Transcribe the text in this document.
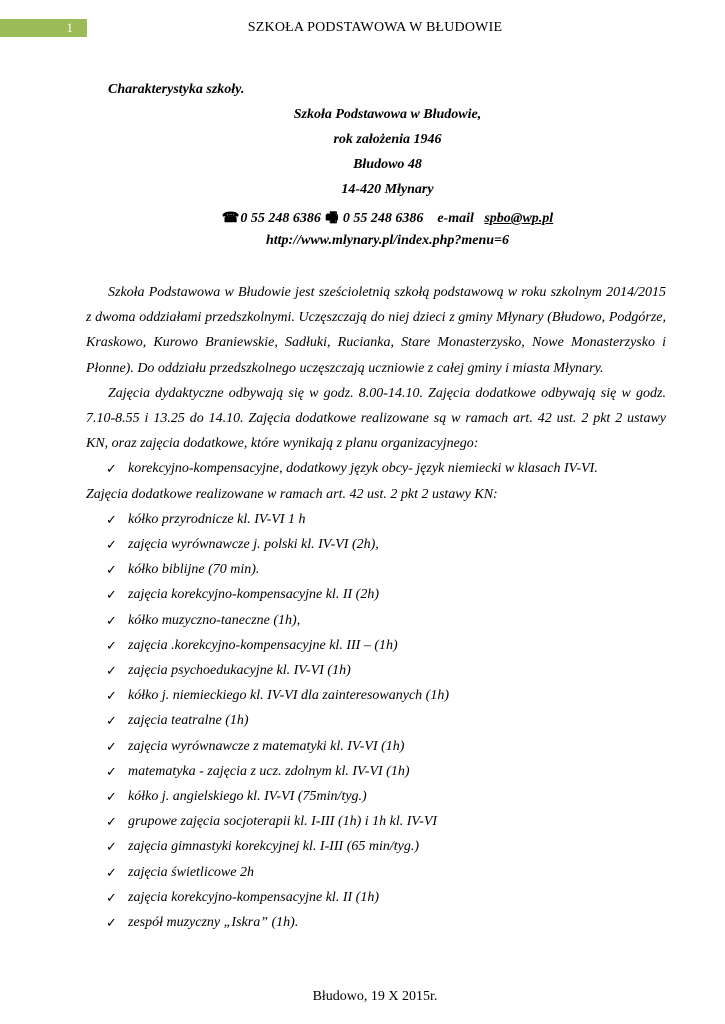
1	SZKOŁA PODSTAWOWA W BŁUDOWIE
Charakterystyka szkoły.
Szkoła Podstawowa w Błudowie,
rok założenia 1946
Błudowo 48
14-420 Młynary
☎ 0 55 248 6386 🖷 0 55 248 6386 e-mail spbo@wp.pl
http://www.mlynary.pl/index.php?menu=6

Szkoła Podstawowa w Błudowie jest sześcioletnią szkołą podstawową w roku szkolnym 2014/2015 z dwoma oddziałami przedszkolnymi. Uczęszczają do niej dzieci z gminy Młynary (Błudowo, Podgórze, Kraskowo, Kurowo Braniewskie, Sadłuki, Rucianka, Stare Monasterzysko, Nowe Monasterzysko i Płonne). Do oddziału przedszkolnego uczęszczają uczniowie z całej gminy i miasta Młynary.

Zajęcia dydaktyczne odbywają się w godz. 8.00-14.10. Zajęcia dodatkowe odbywają się w godz. 7.10-8.55 i 13.25 do 14.10. Zajęcia dodatkowe realizowane są w ramach art. 42 ust. 2 pkt 2 ustawy KN, oraz zajęcia dodatkowe, które wynikają z planu organizacyjnego:

✓ korekcyjno-kompensacyjne, dodatkowy język obcy- język niemiecki w klasach IV-VI.

Zajęcia dodatkowe realizowane w ramach art. 42 ust. 2 pkt 2 ustawy KN:

✓ kółko przyrodnicze kl. IV-VI 1 h
✓ zajęcia wyrównawcze j. polski kl. IV-VI (2h),
✓ kółko biblijne (70 min).
✓ zajęcia korekcyjno-kompensacyjne kl. II (2h)
✓ kółko muzyczno-taneczne (1h),
✓ zajęcia .korekcyjno-kompensacyjne kl. III – (1h)
✓ zajęcia psychoedukacyjne kl. IV-VI (1h)
✓ kółko j. niemieckiego kl. IV-VI dla zainteresowanych (1h)
✓ zajęcia teatralne (1h)
✓ zajęcia wyrównawcze z matematyki kl. IV-VI (1h)
✓ matematyka - zajęcia z ucz. zdolnym kl. IV-VI (1h)
✓ kółko j. angielskiego kl. IV-VI (75min/tyg.)
✓ grupowe zajęcia socjoterapii kl. I-III (1h) i 1h kl. IV-VI
✓ zajęcia gimnastyki korekcyjnej kl. I-III (65 min/tyg.)
✓ zajęcia świetlicowe 2h
✓ zajęcia korekcyjno-kompensacyjne kl. II (1h)
✓ zespół muzyczny „Iskra” (1h).
Błudowo, 19 X 2015r.
